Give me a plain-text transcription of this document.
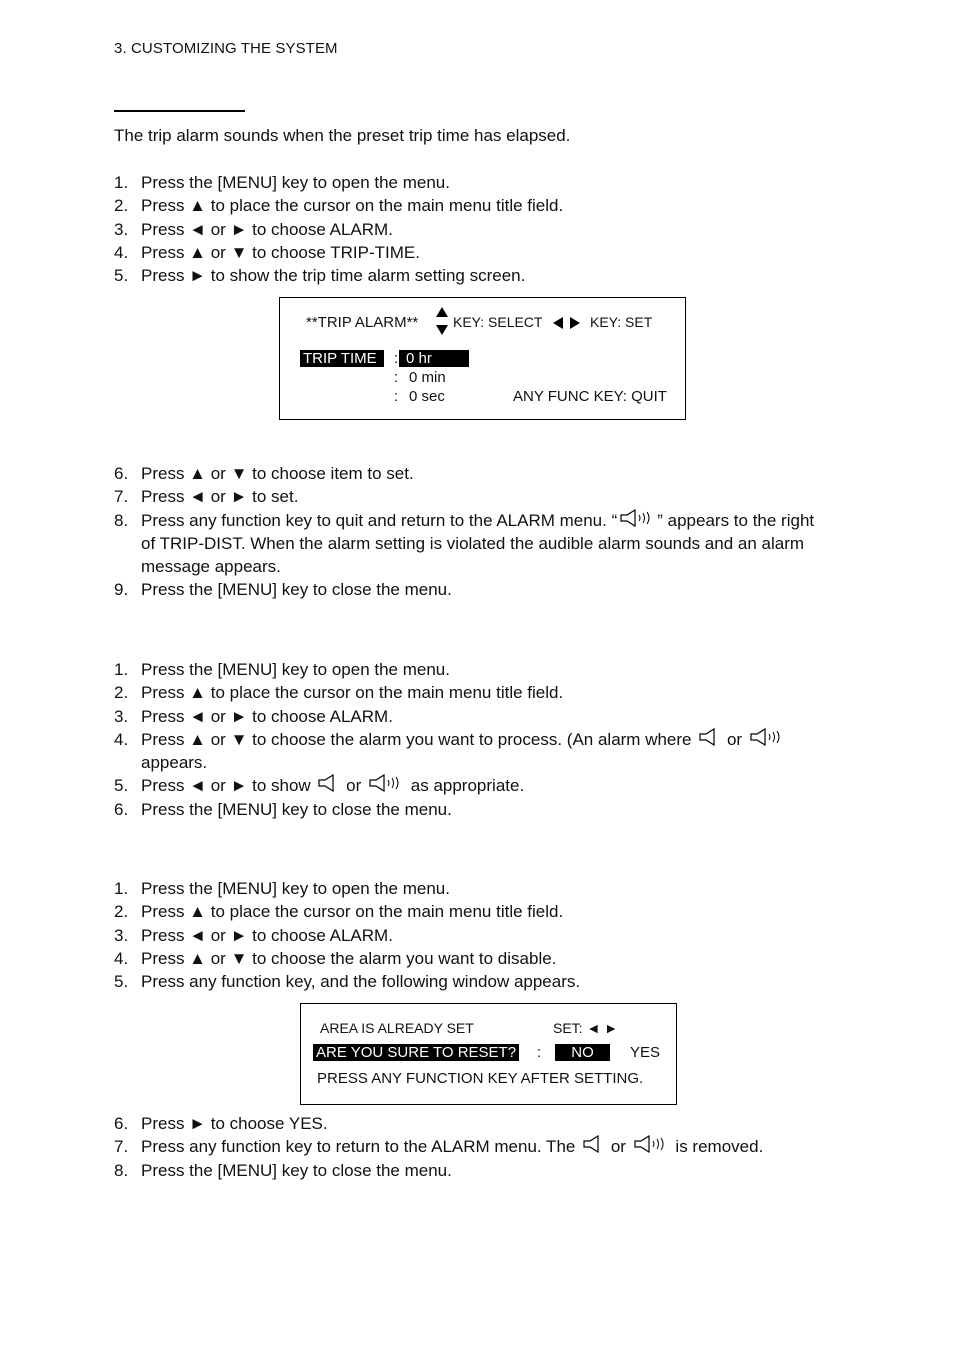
3. CUSTOMIZING THE SYSTEM
The trip alarm sounds when the preset trip time has elapsed.
1. Press the [MENU] key to open the menu.
2. Press ▲ to place the cursor on the main menu title field.
3. Press ◄ or ► to choose ALARM.
4. Press ▲ or ▼ to choose TRIP-TIME.
5. Press ► to show the trip time alarm setting screen.
**TRIP ALARM** KEY: SELECT	KEY: SET
TRIP TIME	: 0 hr
: 0 min
: 0 sec	ANY FUNC KEY: QUIT
6. Press ▲ or ▼ to choose item to set.
7. Press ◄ or ► to set.
8. Press any function key to quit and return to the ALARM menu. “ ” appears to the right
of TRIP-DIST. When the alarm setting is violated the audible alarm sounds and an alarm
message appears.
9. Press the [MENU] key to close the menu.
1. Press the [MENU] key to open the menu.
2. Press ▲ to place the cursor on the main menu title field.
3. Press ◄ or ► to choose ALARM.
4. Press ▲ or ▼ to choose the alarm you want to process. (An alarm where or
appears.
5. Press ◄ or ► to show or	as appropriate.
6. Press the [MENU] key to close the menu.
1. Press the [MENU] key to open the menu.
2. Press ▲ to place the cursor on the main menu title field.
3. Press ◄ or ► to choose ALARM.
4. Press ▲ or ▼ to choose the alarm you want to disable.
5. Press any function key, and the following window appears.
AREA IS ALREADY SET	SET: ◄ ►
ARE YOU SURE TO RESET? :	NO	YES
PRESS ANY FUNCTION KEY AFTER SETTING.
6. Press ► to choose YES.
7. Press any function key to return to the ALARM menu. The or	is removed.
8. Press the [MENU] key to close the menu.
